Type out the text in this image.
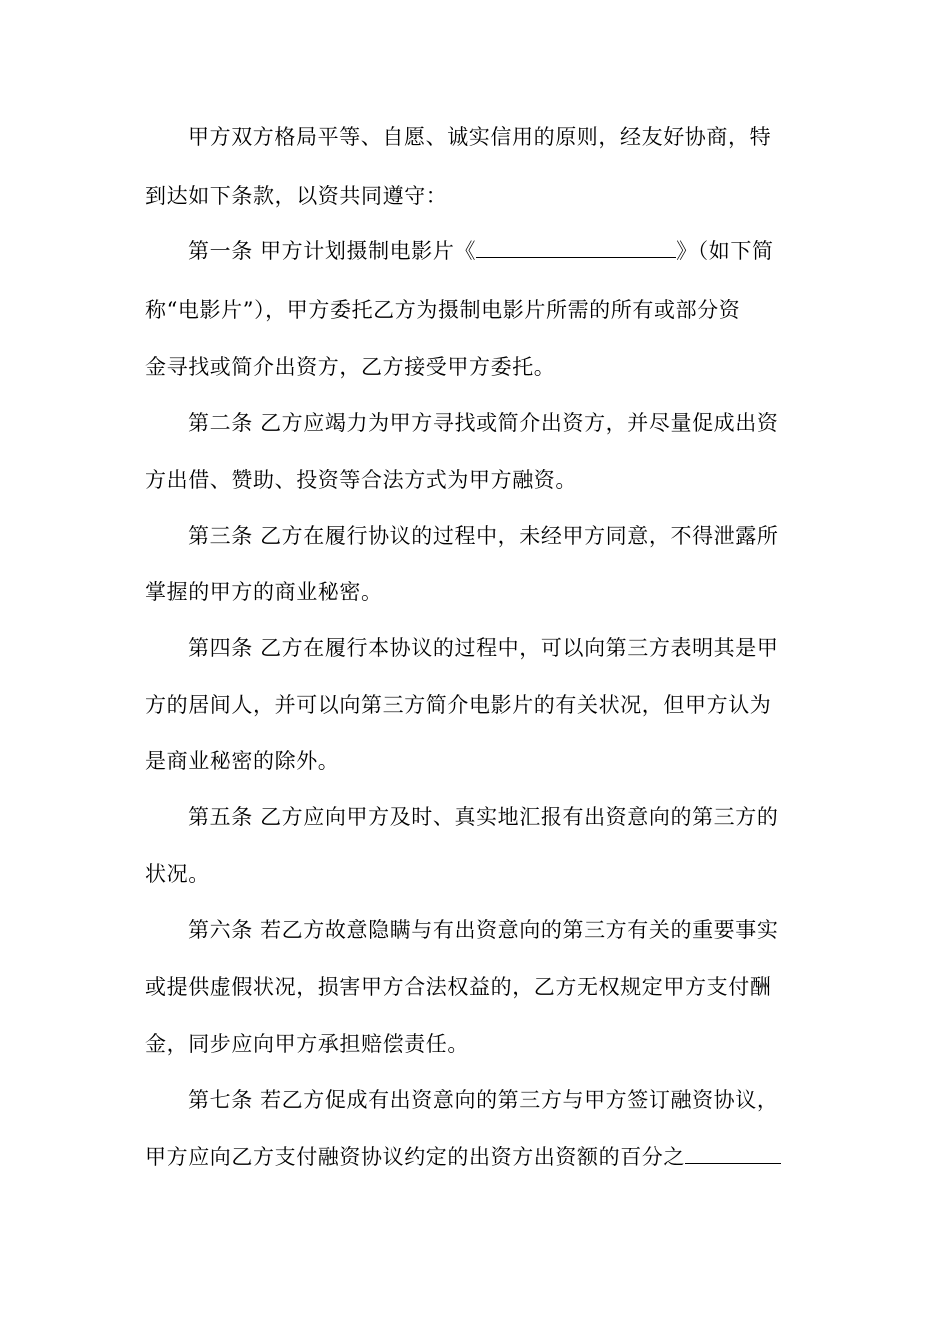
甲方双方格局平等、自愿、诚实信用的原则，经友好协商，特
到达如下条款，以资共同遵守：
第一条 甲方计划摄制电影片《	》（如下简
称“电影片”），甲方委托乙方为摄制电影片所需的所有或部分资
金寻找或简介出资方，乙方接受甲方委托。
第二条 乙方应竭力为甲方寻找或简介出资方，并尽量促成出资
方出借、赞助、投资等合法方式为甲方融资。
第三条 乙方在履行协议的过程中，未经甲方同意，不得泄露所
掌握的甲方的商业秘密。
第四条 乙方在履行本协议的过程中，可以向第三方表明其是甲
方的居间人，并可以向第三方简介电影片的有关状况，但甲方认为
是商业秘密的除外。
第五条 乙方应向甲方及时、真实地汇报有出资意向的第三方的
状况。
第六条 若乙方故意隐瞒与有出资意向的第三方有关的重要事实
或提供虚假状况，损害甲方合法权益的，乙方无权规定甲方支付酬
金，同步应向甲方承担赔偿责任。
第七条 若乙方促成有出资意向的第三方与甲方签订融资协议，
甲方应向乙方支付融资协议约定的出资方出资额的百分之
